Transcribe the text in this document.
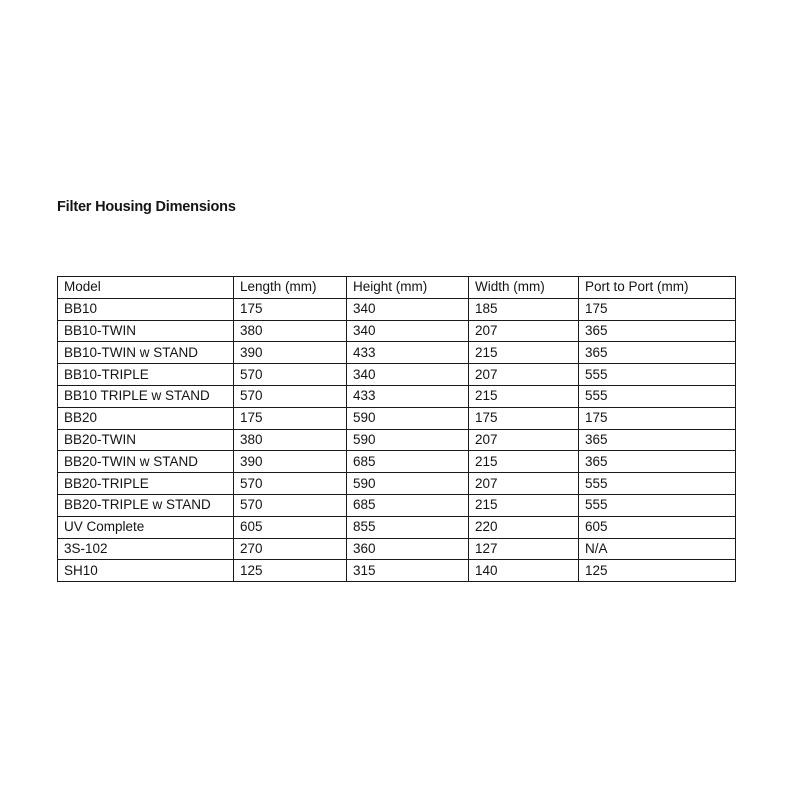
Filter Housing Dimensions
Model	Length (mm)	Height (mm)	Width (mm)	Port to Port (mm)
BB10	175	340	185	175
BB10-TWIN	380	340	207	365
BB10-TWIN w STAND	390	433	215	365
BB10-TRIPLE	570	340	207	555
BB10 TRIPLE w STAND	570	433	215	555
BB20	175	590	175	175
BB20-TWIN	380	590	207	365
BB20-TWIN w STAND	390	685	215	365
BB20-TRIPLE	570	590	207	555
BB20-TRIPLE w STAND	570	685	215	555
UV Complete	605	855	220	605
3S-102	270	360	127	N/A
SH10	125	315	140	125
